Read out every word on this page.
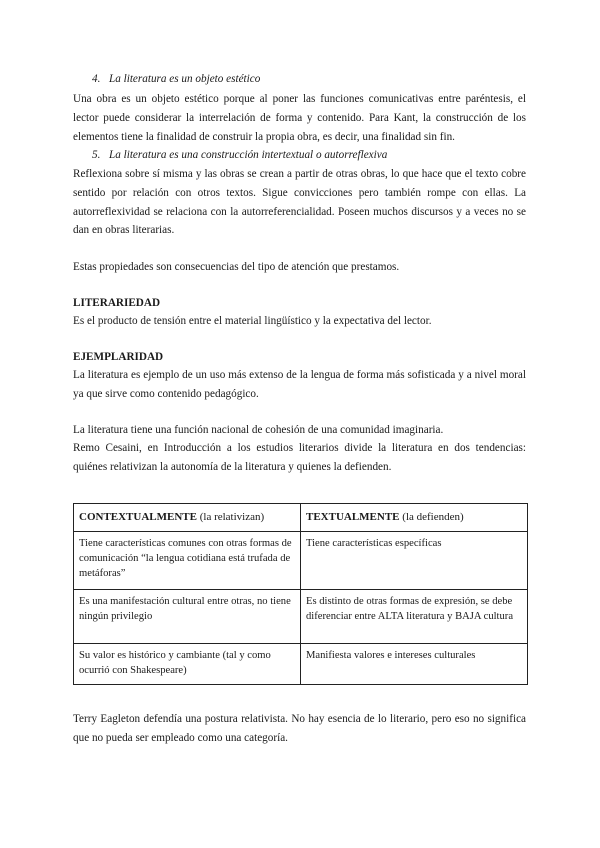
4. La literatura es un objeto estético
Una obra es un objeto estético porque al poner las funciones comunicativas entre paréntesis, el
lector puede considerar la interrelación de forma y contenido. Para Kant, la construcción de los
elementos tiene la finalidad de construir la propia obra, es decir, una finalidad sin fin.
5. La literatura es una construcción intertextual o autorreflexiva
Reflexiona sobre sí misma y las obras se crean a partir de otras obras, lo que hace que el texto cobre
sentido por relación con otros textos. Sigue convicciones pero también rompe con ellas. La
autorreflexividad se relaciona con la autorreferencialidad. Poseen muchos discursos y a veces no se
dan en obras literarias.
Estas propiedades son consecuencias del tipo de atención que prestamos.
LITERARIEDAD
Es el producto de tensión entre el material lingüístico y la expectativa del lector.
EJEMPLARIDAD
La literatura es ejemplo de un uso más extenso de la lengua de forma más sofisticada y a nivel moral
ya que sirve como contenido pedagógico.
La literatura tiene una función nacional de cohesión de una comunidad imaginaria.
Remo Cesaini, en Introducción a los estudios literarios divide la literatura en dos tendencias:
quiénes relativizan la autonomía de la literatura y quienes la defienden.
CONTEXTUALMENTE (la relativizan)	TEXTUALMENTE (la defienden)
Tiene características comunes con otras formas de comunicación “la lengua cotidiana está trufada de metáforas”	Tiene características específicas
Es una manifestación cultural entre otras, no tiene ningún privilegio	Es distinto de otras formas de expresión, se debe diferenciar entre ALTA literatura y BAJA cultura
Su valor es histórico y cambiante (tal y como ocurrió con Shakespeare)	Manifiesta valores e intereses culturales
Terry Eagleton defendía una postura relativista. No hay esencia de lo literario, pero eso no significa
que no pueda ser empleado como una categoría.
